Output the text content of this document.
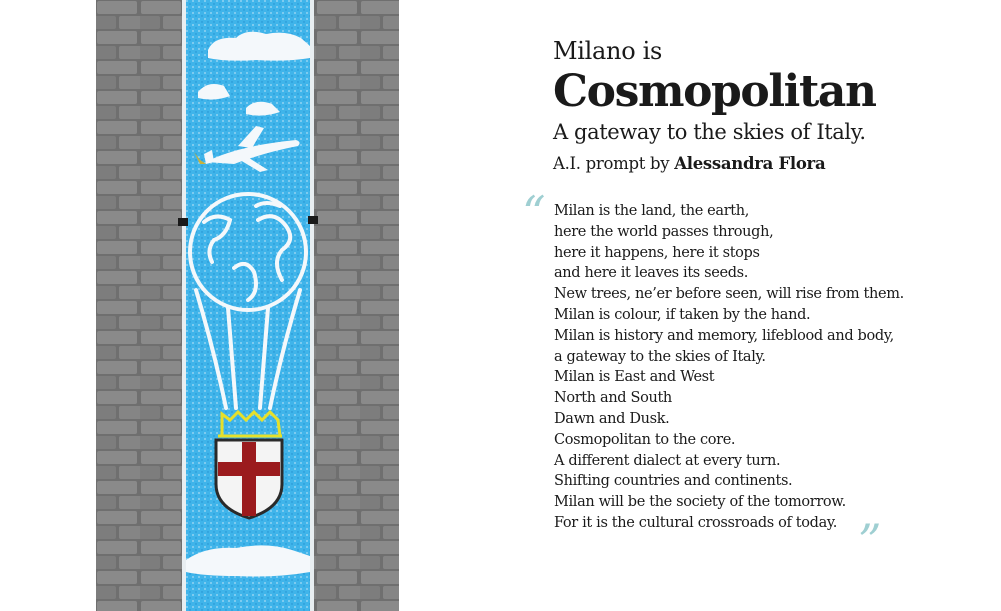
Milano is

Cosmopolitan

A gateway to the skies of Italy.

A.I. prompt by Alessandra Flora

“ Milan is the land, the earth,
here the world passes through,
here it happens, here it stops
and here it leaves its seeds.
New trees, ne’er before seen, will rise from them.
Milan is colour, if taken by the hand.
Milan is history and memory, lifeblood and body,
a gateway to the skies of Italy.
Milan is East and West
North and South
Dawn and Dusk.
Cosmopolitan to the core.
A different dialect at every turn.
Shifting countries and continents.
Milan will be the society of the tomorrow.
For it is the cultural crossroads of today. ”
